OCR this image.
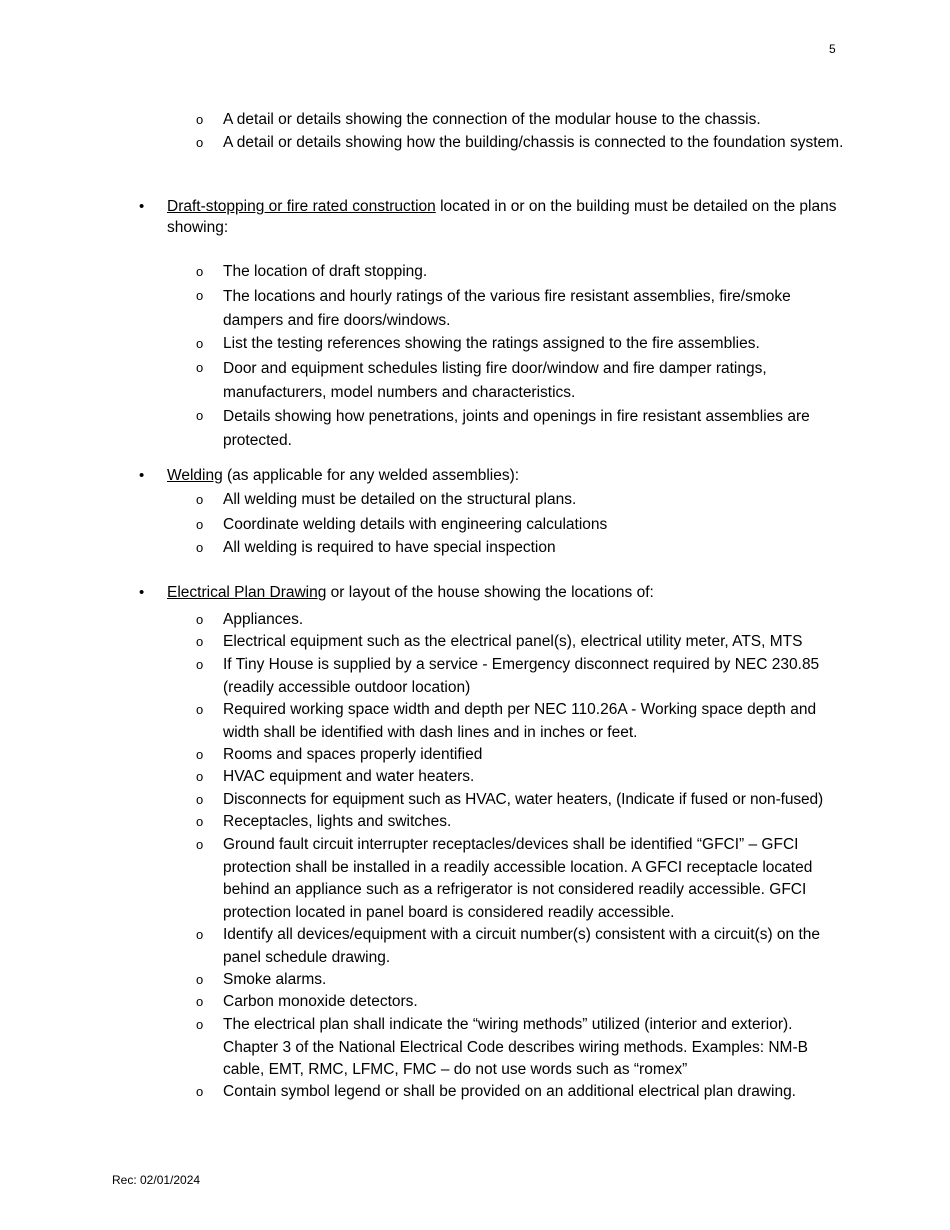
5
o A detail or details showing the connection of the modular house to the chassis.
o A detail or details showing how the building/chassis is connected to the foundation system.
• Draft-stopping or fire rated construction located in or on the building must be detailed on the plans showing:
o The location of draft stopping.
o The locations and hourly ratings of the various fire resistant assemblies, fire/smoke dampers and fire doors/windows.
o List the testing references showing the ratings assigned to the fire assemblies.
o Door and equipment schedules listing fire door/window and fire damper ratings, manufacturers, model numbers and characteristics.
o Details showing how penetrations, joints and openings in fire resistant assemblies are protected.
• Welding (as applicable for any welded assemblies):
o All welding must be detailed on the structural plans.
o Coordinate welding details with engineering calculations
o All welding is required to have special inspection
• Electrical Plan Drawing or layout of the house showing the locations of:
o Appliances.
o Electrical equipment such as the electrical panel(s), electrical utility meter, ATS, MTS
o If Tiny House is supplied by a service - Emergency disconnect required by NEC 230.85 (readily accessible outdoor location)
o Required working space width and depth per NEC 110.26A - Working space depth and width shall be identified with dash lines and in inches or feet.
o Rooms and spaces properly identified
o HVAC equipment and water heaters.
o Disconnects for equipment such as HVAC, water heaters, (Indicate if fused or non-fused)
o Receptacles, lights and switches.
o Ground fault circuit interrupter receptacles/devices shall be identified “GFCI” – GFCI protection shall be installed in a readily accessible location. A GFCI receptacle located behind an appliance such as a refrigerator is not considered readily accessible. GFCI protection located in panel board is considered readily accessible.
o Identify all devices/equipment with a circuit number(s) consistent with a circuit(s) on the panel schedule drawing.
o Smoke alarms.
o Carbon monoxide detectors.
o The electrical plan shall indicate the “wiring methods” utilized (interior and exterior). Chapter 3 of the National Electrical Code describes wiring methods. Examples: NM-B cable, EMT, RMC, LFMC, FMC – do not use words such as “romex”
o Contain symbol legend or shall be provided on an additional electrical plan drawing.
Rec: 02/01/2024
